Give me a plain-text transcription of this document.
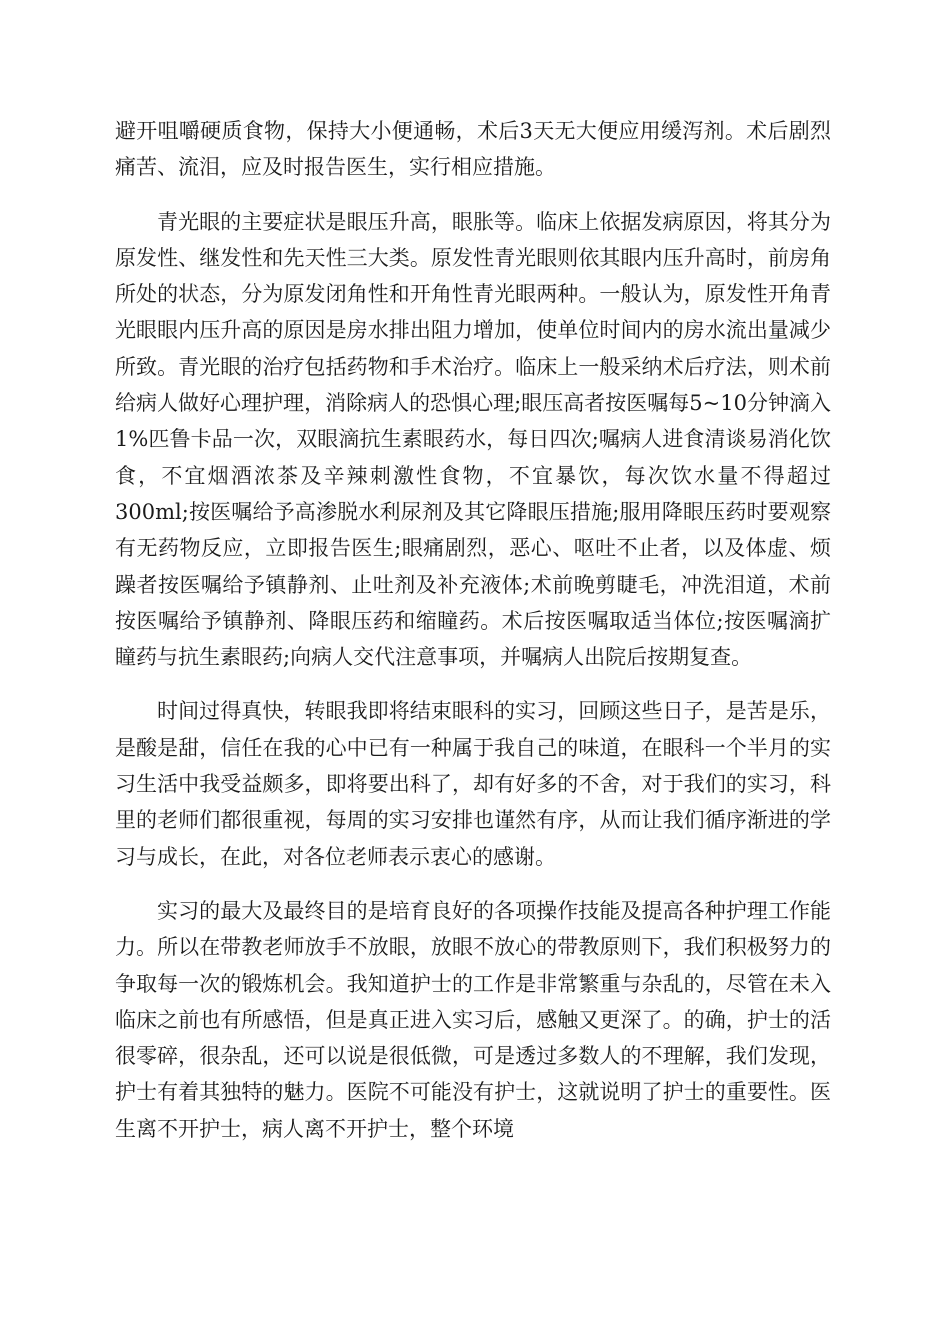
避开咀嚼硬质食物，保持大小便通畅，术后3天无大便应用缓泻剂。术后剧烈痛苦、流泪，应及时报告医生，实行相应措施。

青光眼的主要症状是眼压升高，眼胀等。临床上依据发病原因，将其分为原发性、继发性和先天性三大类。原发性青光眼则依其眼内压升高时，前房角所处的状态，分为原发闭角性和开角性青光眼两种。一般认为，原发性开角青光眼眼内压升高的原因是房水排出阻力增加，使单位时间内的房水流出量减少所致。青光眼的治疗包括药物和手术治疗。临床上一般采纳术后疗法，则术前给病人做好心理护理，消除病人的恐惧心理;眼压高者按医嘱每5~10分钟滴入1%匹鲁卡品一次，双眼滴抗生素眼药水，每日四次;嘱病人进食清谈易消化饮食，不宜烟酒浓茶及辛辣刺激性食物，不宜暴饮，每次饮水量不得超过300ml;按医嘱给予高渗脱水利尿剂及其它降眼压措施;服用降眼压药时要观察有无药物反应，立即报告医生;眼痛剧烈，恶心、呕吐不止者，以及体虚、烦躁者按医嘱给予镇静剂、止吐剂及补充液体;术前晚剪睫毛，冲洗泪道，术前按医嘱给予镇静剂、降眼压药和缩瞳药。术后按医嘱取适当体位;按医嘱滴扩瞳药与抗生素眼药;向病人交代注意事项，并嘱病人出院后按期复查。

时间过得真快，转眼我即将结束眼科的实习，回顾这些日子，是苦是乐，是酸是甜，信任在我的心中已有一种属于我自己的味道，在眼科一个半月的实习生活中我受益颇多，即将要出科了，却有好多的不舍，对于我们的实习，科里的老师们都很重视，每周的实习安排也谨然有序，从而让我们循序渐进的学习与成长，在此，对各位老师表示衷心的感谢。

实习的最大及最终目的是培育良好的各项操作技能及提高各种护理工作能力。所以在带教老师放手不放眼，放眼不放心的带教原则下，我们积极努力的争取每一次的锻炼机会。我知道护士的工作是非常繁重与杂乱的，尽管在未入临床之前也有所感悟，但是真正进入实习后，感触又更深了。的确，护士的活很零碎，很杂乱，还可以说是很低微，可是透过多数人的不理解，我们发现，护士有着其独特的魅力。医院不可能没有护士，这就说明了护士的重要性。医生离不开护士，病人离不开护士，整个环境
